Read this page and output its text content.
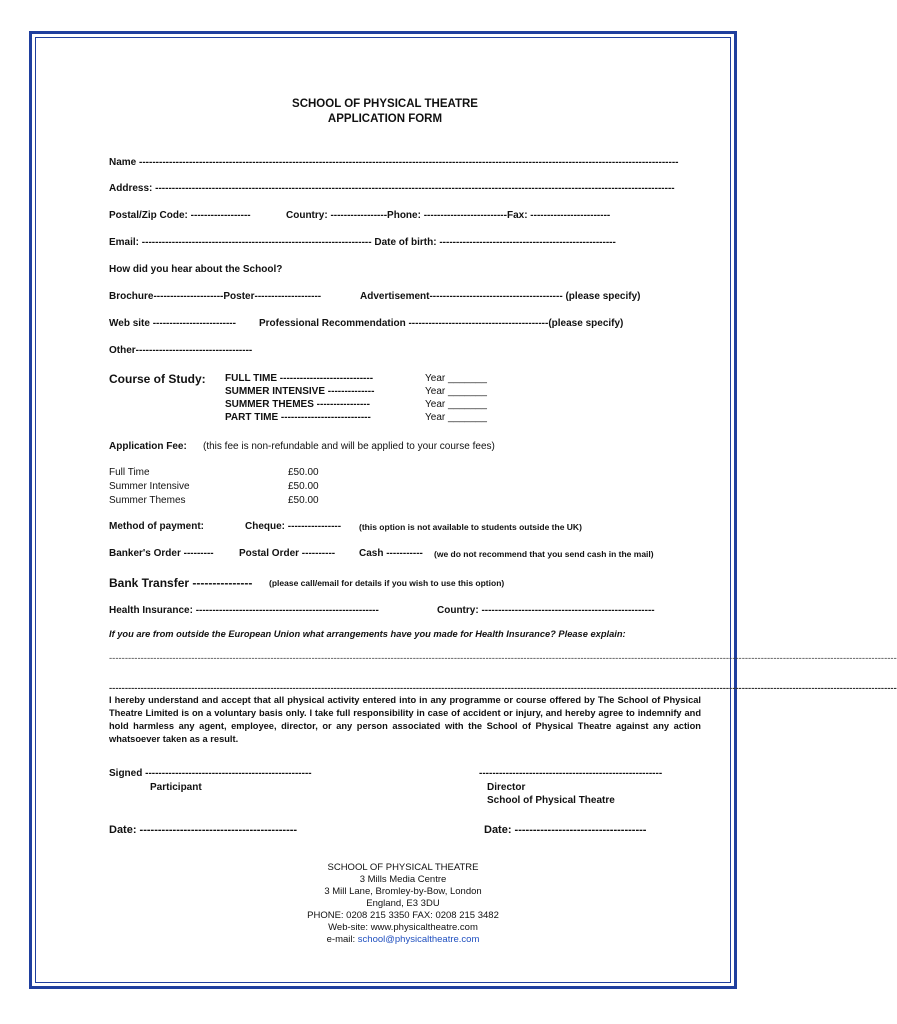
SCHOOL OF PHYSICAL THEATRE
APPLICATION FORM
Name ------------------------------------------------------------------------------------------------------------------------------------------------------------------
Address: ------------------------------------------------------------------------------------------------------------------------------------------------------------
Postal/Zip Code: ------------------	Country: -----------------Phone: -------------------------Fax: ------------------------
Email: --------------------------------------------------------------------- Date of birth: -----------------------------------------------------
How did you hear about the School?
Brochure---------------------Poster--------------------	Advertisement---------------------------------------- (please specify)
Web site ------------------------- Professional Recommendation ------------------------------------------(please specify)
Other-----------------------------------
Course of Study: FULL TIME ----------------------------	Year _______
SUMMER INTENSIVE --------------	Year _______
SUMMER THEMES ----------------	Year _______
PART TIME ---------------------------	Year _______
Application Fee: (this fee is non-refundable and will be applied to your course fees)
Full Time	£50.00
Summer Intensive	£50.00
Summer Themes	£50.00
Method of payment:	Cheque: ---------------- (this option is not available to students outside the UK)
Banker's Order ---------	Postal Order ---------- Cash ----------- (we do not recommend that you send cash in the mail)
Bank Transfer --------------- (please call/email for details if you wish to use this option)
Health Insurance: -------------------------------------------------------	Country: ----------------------------------------------------
If you are from outside the European Union what arrangements have you made for Health Insurance? Please explain:
---------------------------------------------------------------------------------------------------------------------------------------------------------------------------------------------------------------------------------------------------------
---------------------------------------------------------------------------------------------------------------------------------------------------------------------------------------------------------------------------------------------------------
I hereby understand and accept that all physical activity entered into in any programme or course offered by The School of Physical Theatre Limited is on a voluntary basis only. I take full responsibility in case of accident or injury, and hereby agree to indemnify and hold harmless any agent, employee, director, or any person associated with the School of Physical Theatre against any action whatsoever taken as a result.
Signed --------------------------------------------------
Participant
-------------------------------------------------------
Director
School of Physical Theatre
Date: -------------------------------------------	Date: ------------------------------------
SCHOOL OF PHYSICAL THEATRE
3 Mills Media Centre
3 Mill Lane, Bromley-by-Bow, London
England, E3 3DU
PHONE: 0208 215 3350 FAX: 0208 215 3482
Web-site: www.physicaltheatre.com
e-mail: school@physicaltheatre.com
